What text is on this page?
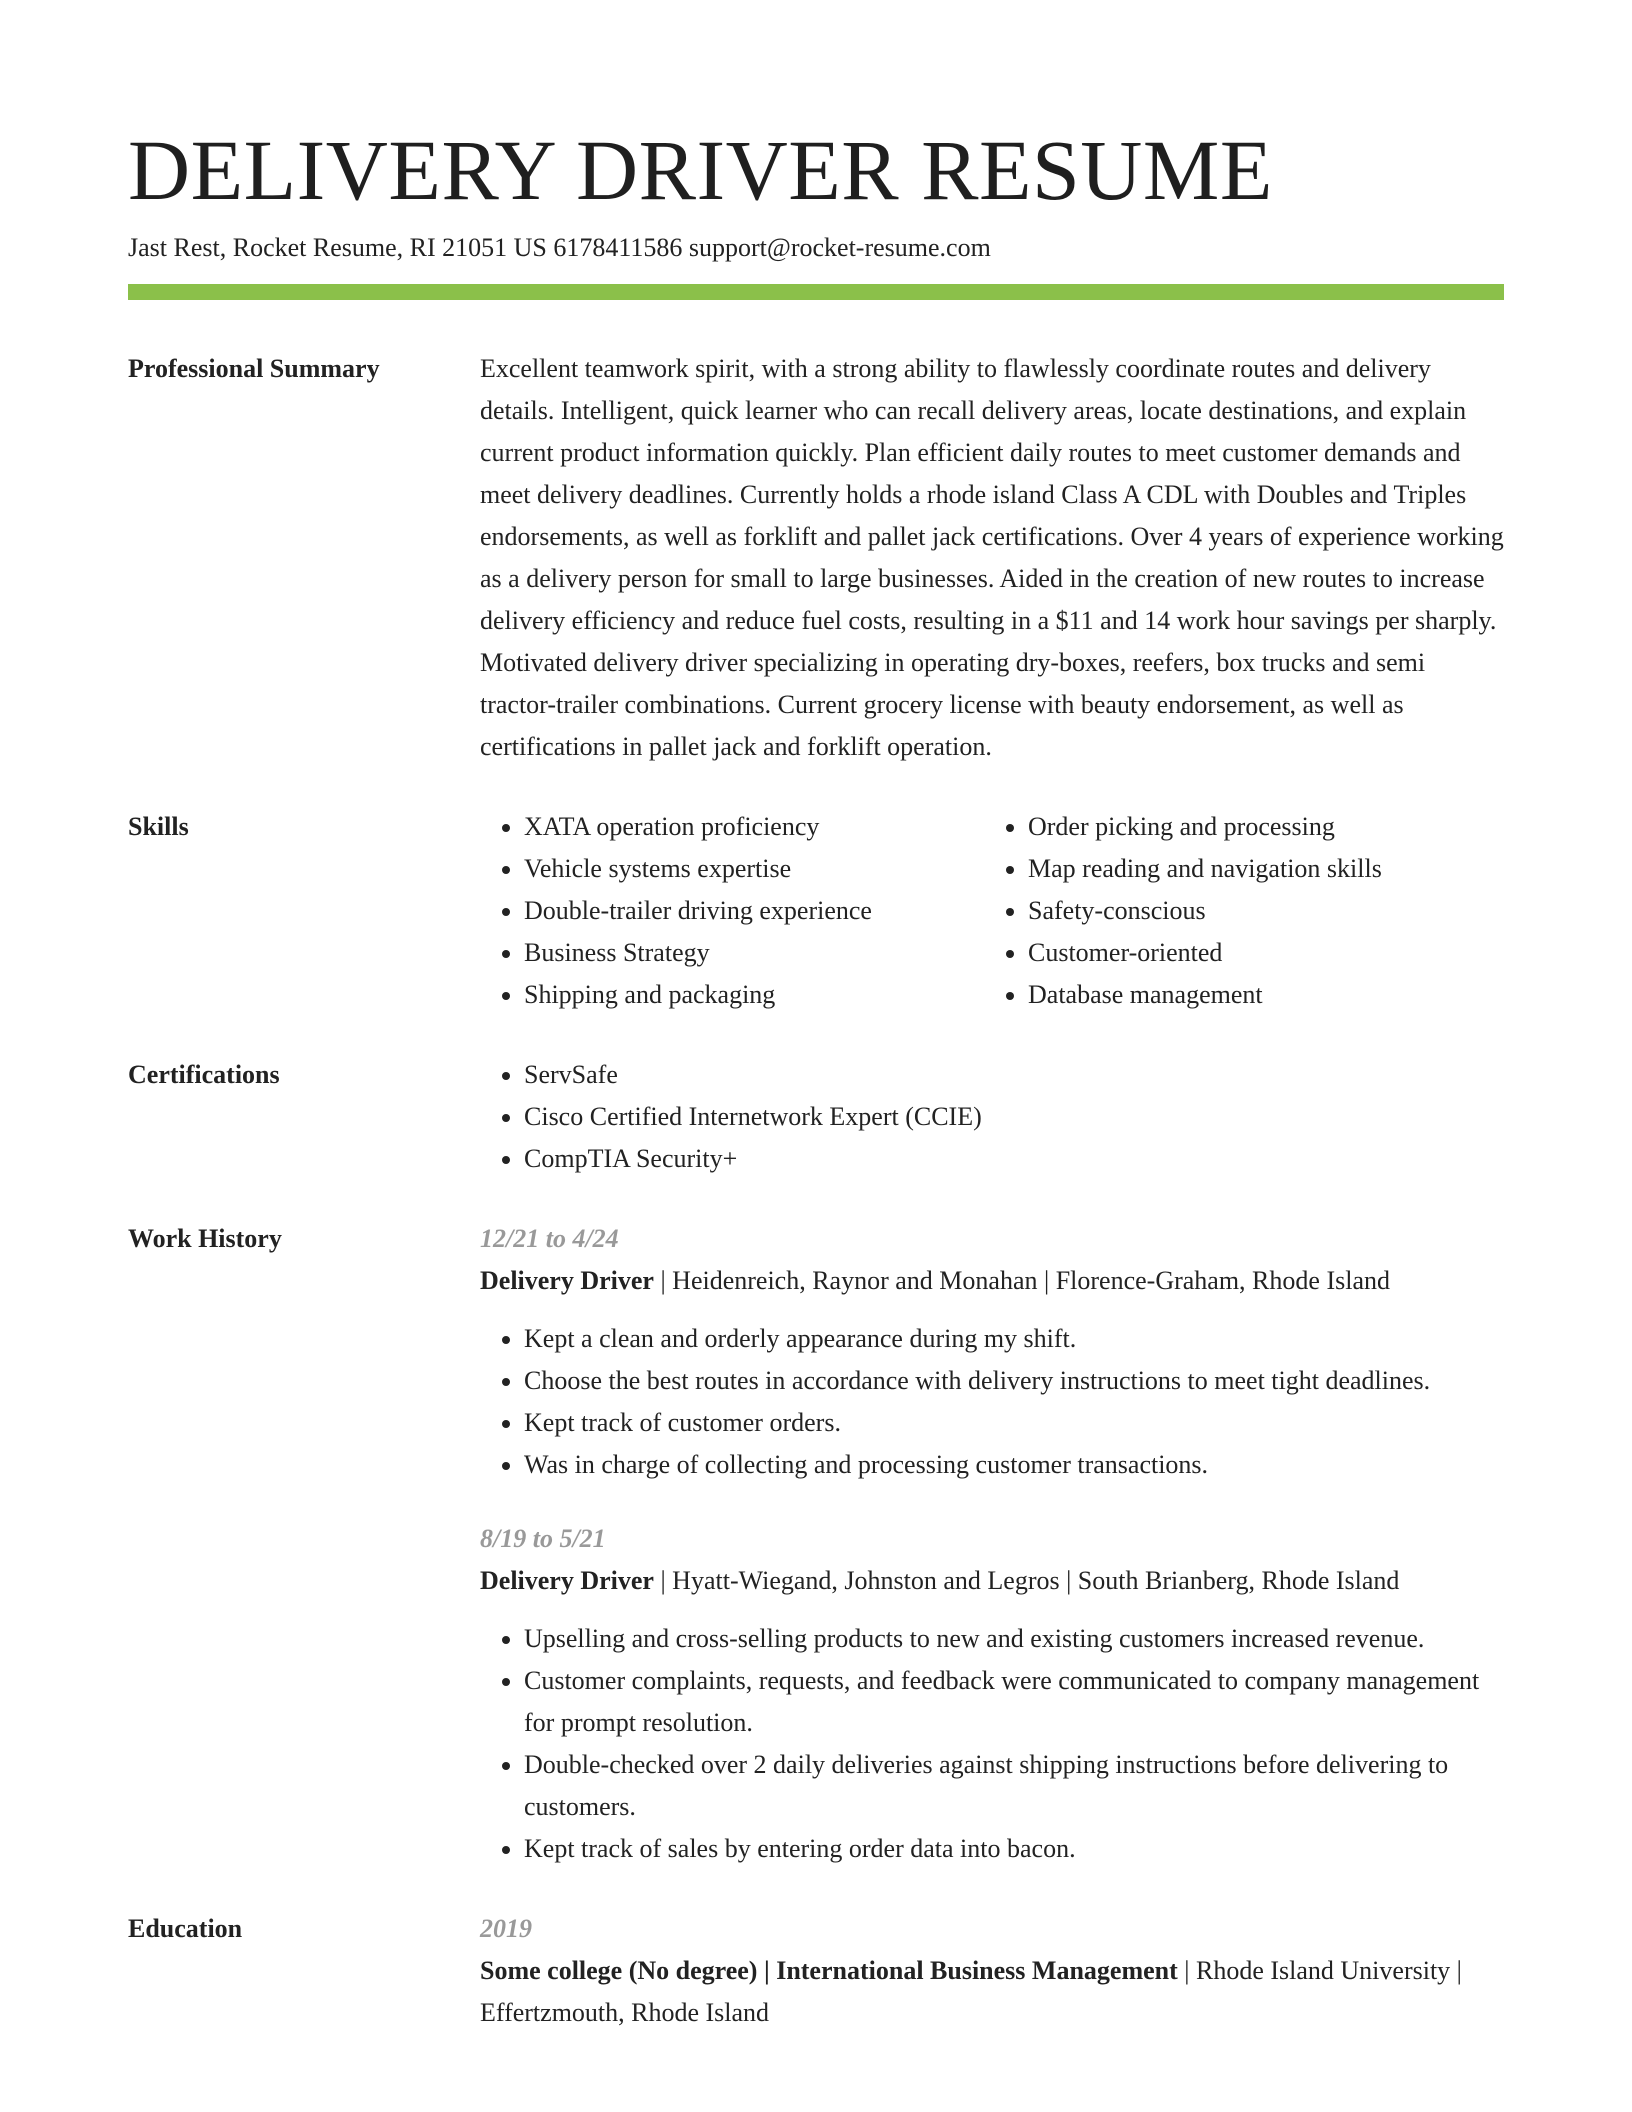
DELIVERY DRIVER RESUME
Jast Rest, Rocket Resume, RI 21051 US 6178411586 support@rocket-resume.com
Professional Summary	Excellent teamwork spirit, with a strong ability to flawlessly coordinate routes and delivery details. Intelligent, quick learner who can recall delivery areas, locate destinations, and explain current product information quickly. Plan efficient daily routes to meet customer demands and meet delivery deadlines. Currently holds a rhode island Class A CDL with Doubles and Triples endorsements, as well as forklift and pallet jack certifications. Over 4 years of experience working as a delivery person for small to large businesses. Aided in the creation of new routes to increase delivery efficiency and reduce fuel costs, resulting in a $11 and 14 work hour savings per sharply. Motivated delivery driver specializing in operating dry-boxes, reefers, box trucks and semi tractor-trailer combinations. Current grocery license with beauty endorsement, as well as certifications in pallet jack and forklift operation.

Skills	• XATA operation proficiency
• Vehicle systems expertise
• Double-trailer driving experience
• Business Strategy
• Shipping and packaging
• Order picking and processing
• Map reading and navigation skills
• Safety-conscious
• Customer-oriented
• Database management
Certifications	• ServSafe
• Cisco Certified Internetwork Expert (CCIE)
• CompTIA Security+
Work History	12/21 to 4/24
Delivery Driver | Heidenreich, Raynor and Monahan | Florence-Graham, Rhode Island
• Kept a clean and orderly appearance during my shift.
• Choose the best routes in accordance with delivery instructions to meet tight deadlines.
• Kept track of customer orders.
• Was in charge of collecting and processing customer transactions.
8/19 to 5/21
Delivery Driver | Hyatt-Wiegand, Johnston and Legros | South Brianberg, Rhode Island
• Upselling and cross-selling products to new and existing customers increased revenue.
• Customer complaints, requests, and feedback were communicated to company management for prompt resolution.
• Double-checked over 2 daily deliveries against shipping instructions before delivering to customers.
• Kept track of sales by entering order data into bacon.
Education	2019
Some college (No degree) | International Business Management | Rhode Island University | Effertzmouth, Rhode Island
